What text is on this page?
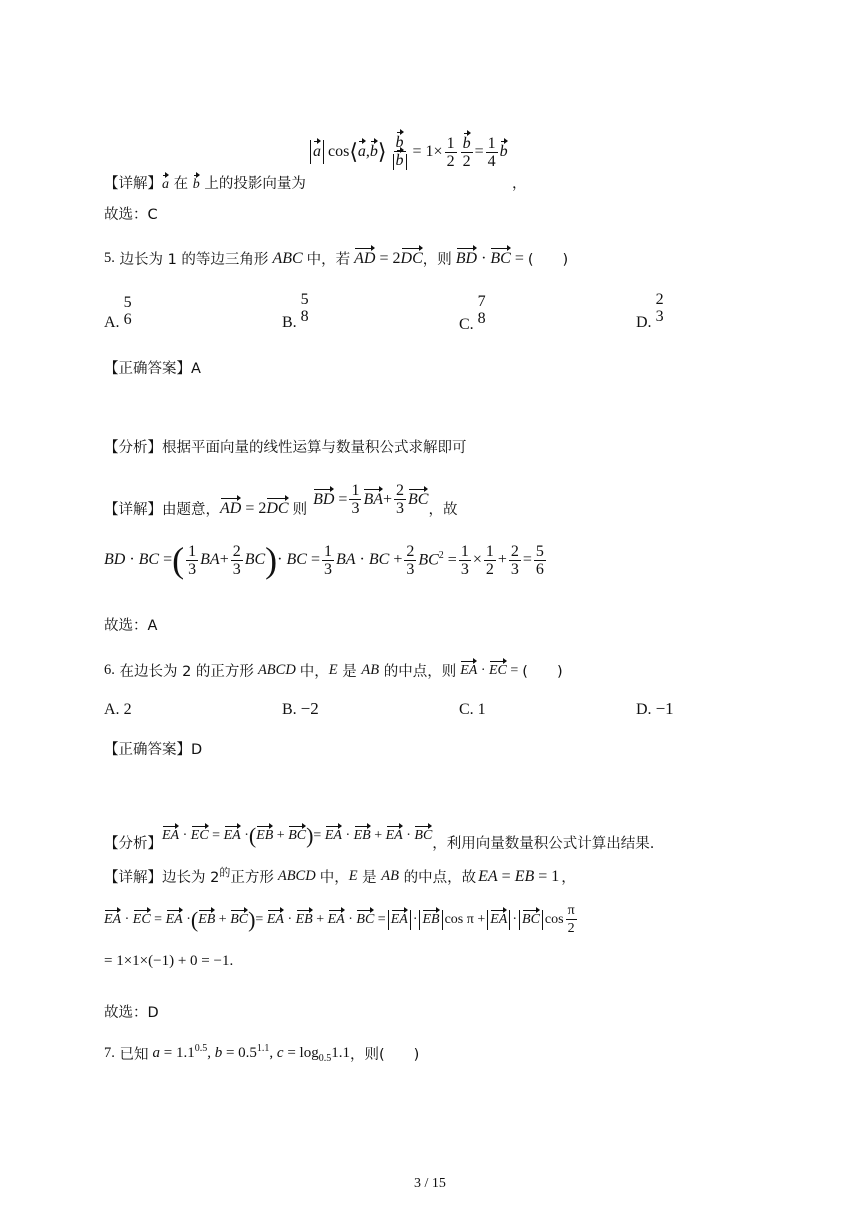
a cos ⟨ a , b ⟩ $\frac{b}{b} = 1\times \frac{1}{2} \frac{b}{2} = \frac{1}{4}$ b
【详解】a 在 b 上的投影向量为	，
故选：C
5.
边长为 1 的等边三角形 ABC 中，若 AD = 2DC ，则 BD · BC = (　　)
A.
5
6	B.
5
8	C.
7
8	D.
2
3
【正确答案】A
【分析】根据平面向量的线性运算与数量积公式求解即可
【详解】由题意， AD = 2DC 则
BD = $\frac{1}{3}$ BA + $\frac{2}{3}$ BC
，故
BD · BC = ( $\frac{1}{3}$ BA + $\frac{2}{3}$ BC ) · BC = $\frac{1}{3}$ BA · BC + $\frac{2}{3} BC^2 = \frac{1}{3} \times \frac{1}{2} + \frac{2}{3} = \frac{5}{6}$
故选：A
6.
在边长为 2 的正方形 ABCD 中， E
是
AB
的中点，则 EA · EC = (　　)
A. 2	B. −2	C. 1	D. −1
【正确答案】D
【分析】
EA · EC = EA · ( EB + BC ) = EA · EB + EA · BC
，利用向量数量积公式计算出结果.
【详解】边长为 2 的 正方形 ABCD 中， E
是
AB
的中点，故 EA = EB = 1 ，
EA · EC = EA · ( EB + BC ) = EA · EB + EA · BC = EA · EB cos π + EA · BC $\cos \frac{\pi}{2}$
= 1×1×(−1) + 0 = −1.
故选：D
7.
已知 $a = 1.1^{0.5}$, $b = 0.5^{1.1}$, $c = \log_{0.5}1.1$ ，则(　　)
3 / 15
